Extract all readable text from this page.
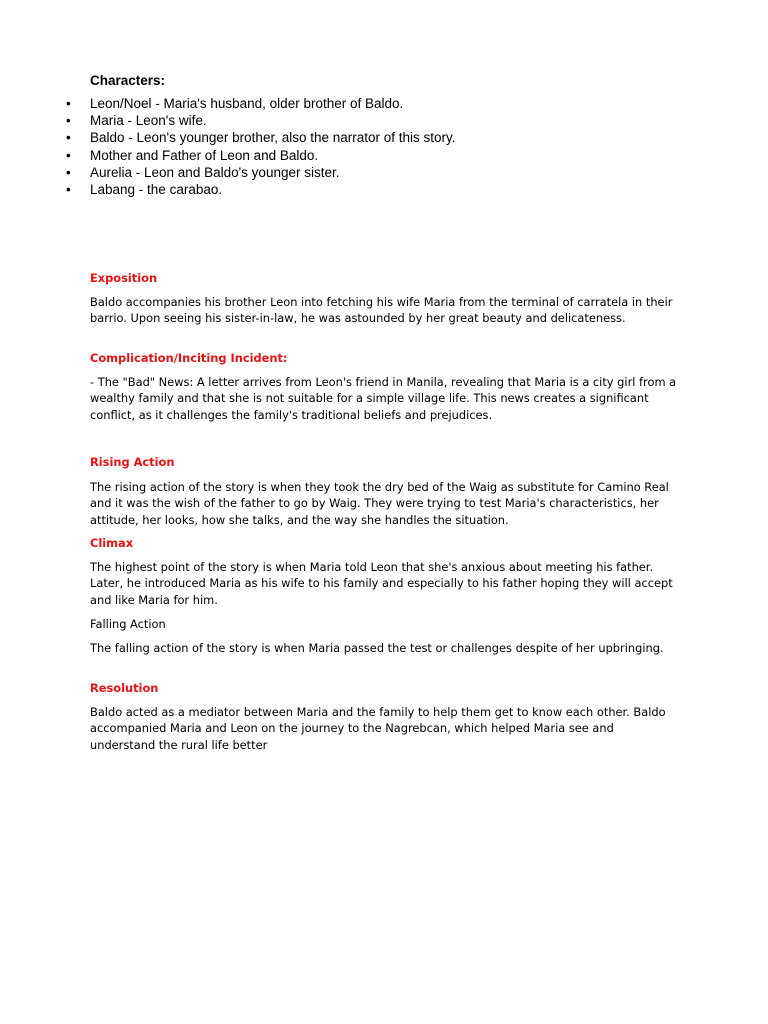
Characters:

• Leon/Noel - Maria's husband, older brother of Baldo.
• Maria - Leon's wife.
• Baldo - Leon's younger brother, also the narrator of this story.
• Mother and Father of Leon and Baldo.
• Aurelia - Leon and Baldo's younger sister.
• Labang - the carabao.

Exposition

Baldo accompanies his brother Leon into fetching his wife Maria from the terminal of carratela in their barrio. Upon seeing his sister-in-law, he was astounded by her great beauty and delicateness.

Complication/Inciting Incident:

- The "Bad" News: A letter arrives from Leon's friend in Manila, revealing that Maria is a city girl from a wealthy family and that she is not suitable for a simple village life. This news creates a significant conflict, as it challenges the family's traditional beliefs and prejudices.

Rising Action

The rising action of the story is when they took the dry bed of the Waig as substitute for Camino Real and it was the wish of the father to go by Waig. They were trying to test Maria's characteristics, her attitude, her looks, how she talks, and the way she handles the situation.

Climax

The highest point of the story is when Maria told Leon that she's anxious about meeting his father. Later, he introduced Maria as his wife to his family and especially to his father hoping they will accept and like Maria for him.

Falling Action

The falling action of the story is when Maria passed the test or challenges despite of her upbringing.

Resolution

Baldo acted as a mediator between Maria and the family to help them get to know each other. Baldo accompanied Maria and Leon on the journey to the Nagrebcan, which helped Maria see and understand the rural life better
